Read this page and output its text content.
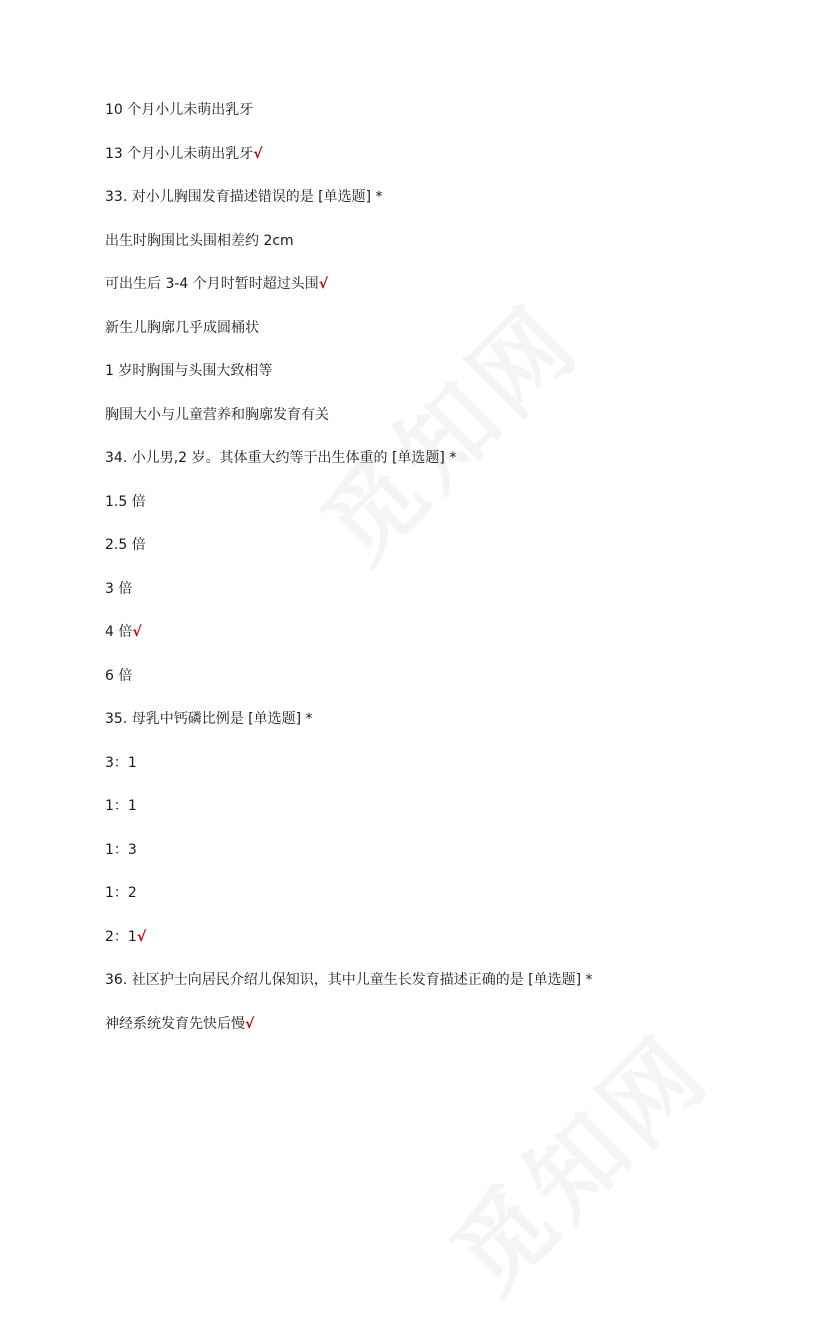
10 个月小儿未萌出乳牙
13 个月小儿未萌出乳牙√
33. 对小儿胸围发育描述错误的是 [单选题] *
出生时胸围比头围相差约 2cm
可出生后 3-4 个月时暂时超过头围√
新生儿胸廓几乎成圆桶状
1 岁时胸围与头围大致相等
胸围大小与儿童营养和胸廓发育有关
34. 小儿男,2 岁。其体重大约等于出生体重的 [单选题] *
1.5 倍
2.5 倍
3 倍
4 倍√
6 倍
35. 母乳中钙磷比例是 [单选题] *
3：1
1：1
1：3
1：2
2：1√
36. 社区护士向居民介绍儿保知识，其中儿童生长发育描述正确的是 [单选题] *
神经系统发育先快后慢√
